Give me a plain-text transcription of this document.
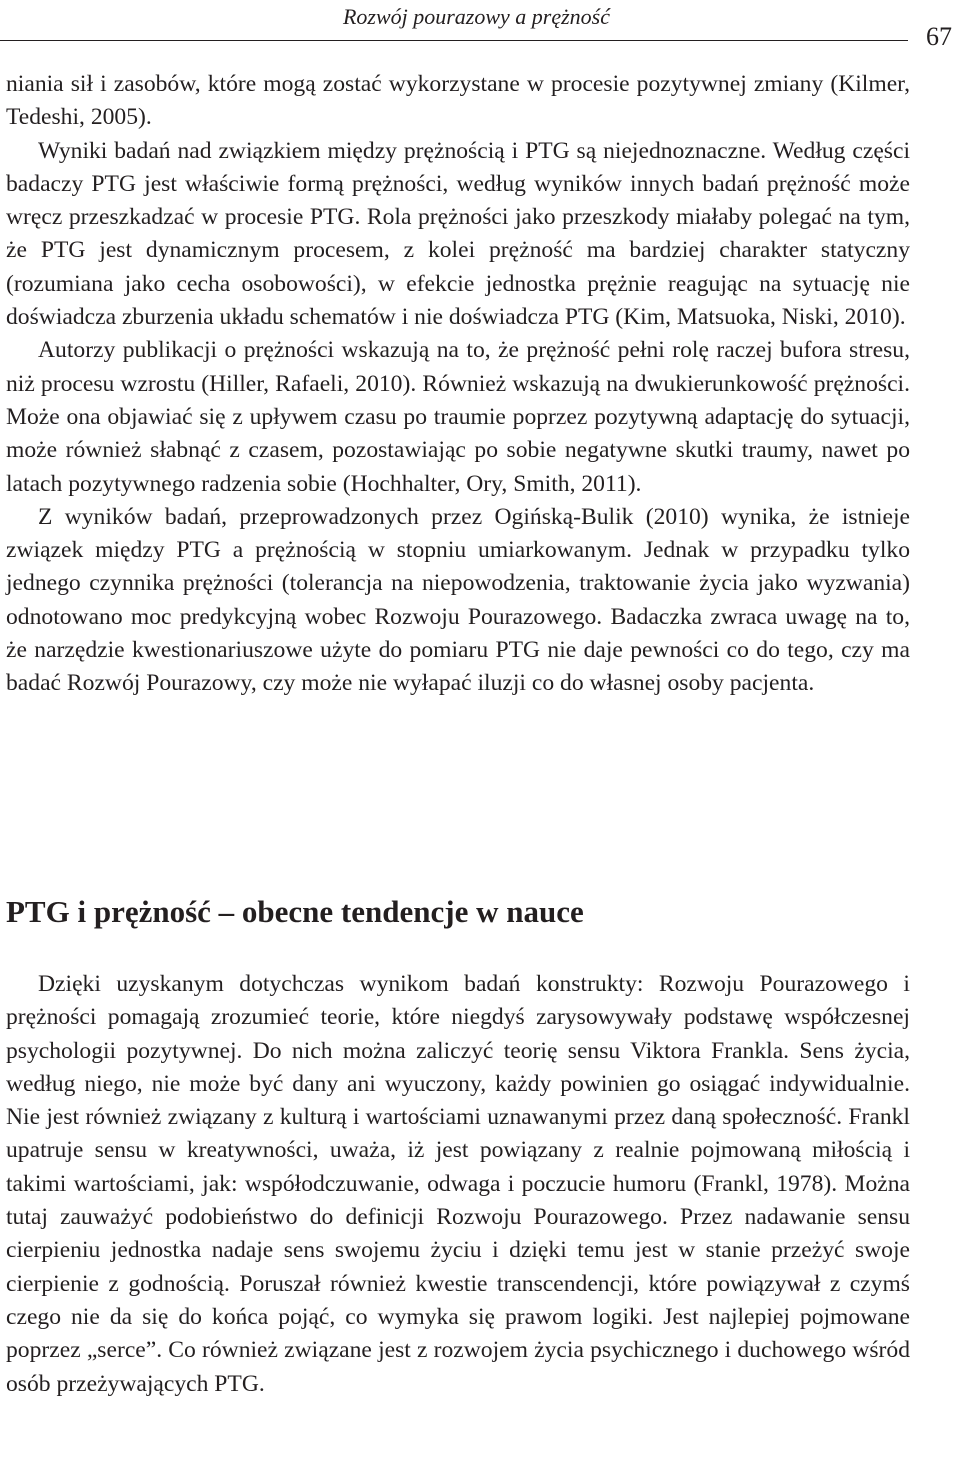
Rozwój pourazowy a prężność
67

niania sił i zasobów, które mogą zostać wykorzystane w procesie pozytywnej zmiany (Kilmer, Tedeshi, 2005).

Wyniki badań nad związkiem między prężnością i PTG są niejednoznaczne. Według części badaczy PTG jest właściwie formą prężności, według wyników innych badań prężność może wręcz przeszkadzać w procesie PTG. Rola prężności jako przeszkody miałaby polegać na tym, że PTG jest dynamicznym procesem, z kolei prężność ma bardziej charakter statyczny (rozumiana jako cecha osobowości), w efekcie jednostka prężnie reagując na sytuację nie doświadcza zburzenia układu schematów i nie doświadcza PTG (Kim, Matsuoka, Niski, 2010).

Autorzy publikacji o prężności wskazują na to, że prężność pełni rolę raczej bufora stresu, niż procesu wzrostu (Hiller, Rafaeli, 2010). Również wskazują na dwukierunkowość prężności. Może ona objawiać się z upływem czasu po traumie poprzez pozytywną adaptację do sytuacji, może również słabnąć z czasem, pozostawiając po sobie negatywne skutki traumy, nawet po latach pozytywnego radzenia sobie (Hochhalter, Ory, Smith, 2011).

Z wyników badań, przeprowadzonych przez Ogińską-Bulik (2010) wynika, że istnieje związek między PTG a prężnością w stopniu umiarkowanym. Jednak w przypadku tylko jednego czynnika prężności (tolerancja na niepowodzenia, traktowanie życia jako wyzwania) odnotowano moc predykcyjną wobec Rozwoju Pourazowego. Badaczka zwraca uwagę na to, że narzędzie kwestionariuszowe użyte do pomiaru PTG nie daje pewności co do tego, czy ma badać Rozwój Pourazowy, czy może nie wyłapać iluzji co do własnej osoby pacjenta.

PTG i prężność – obecne tendencje w nauce

Dzięki uzyskanym dotychczas wynikom badań konstrukty: Rozwoju Pourazowego i prężności pomagają zrozumieć teorie, które niegdyś zarysowywały podstawę współczesnej psychologii pozytywnej. Do nich można zaliczyć teorię sensu Viktora Frankla. Sens życia, według niego, nie może być dany ani wyuczony, każdy powinien go osiągać indywidualnie. Nie jest również związany z kulturą i wartościami uznawanymi przez daną społeczność. Frankl upatruje sensu w kreatywności, uważa, iż jest powiązany z realnie pojmowaną miłością i takimi wartościami, jak: współodczuwanie, odwaga i poczucie humoru (Frankl, 1978). Można tutaj zauważyć podobieństwo do definicji Rozwoju Pourazowego. Przez nadawanie sensu cierpieniu jednostka nadaje sens swojemu życiu i dzięki temu jest w stanie przeżyć swoje cierpienie z godnością. Poruszał również kwestie transcendencji, które powiązywał z czymś czego nie da się do końca pojąć, co wymyka się prawom logiki. Jest najlepiej pojmowane poprzez „serce”. Co również związane jest z rozwojem życia psychicznego i duchowego wśród osób przeżywających PTG.
